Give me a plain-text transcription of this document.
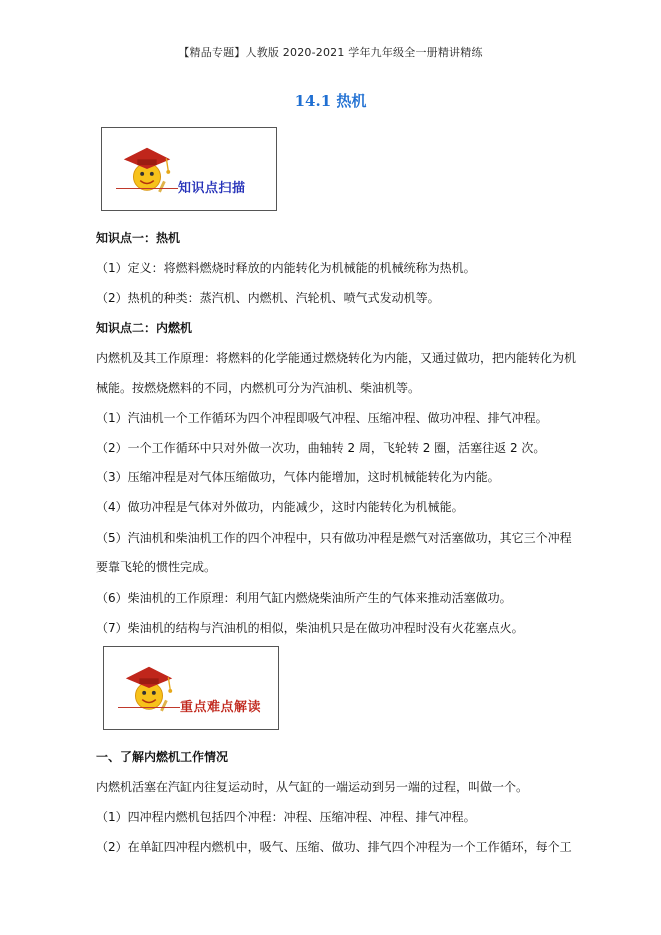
【精品专题】人教版 2020-2021 学年九年级全一册精讲精练
14.1 热机
知识点扫描
知识点一：热机
（1）定义：将燃料燃烧时释放的内能转化为机械能的机械统称为热机。
（2）热机的种类：蒸汽机、内燃机、汽轮机、喷气式发动机等。
知识点二：内燃机
内燃机及其工作原理：将燃料的化学能通过燃烧转化为内能，又通过做功，把内能转化为机
械能。按燃烧燃料的不同，内燃机可分为汽油机、柴油机等。
（1）汽油机一个工作循环为四个冲程即吸气冲程、压缩冲程、做功冲程、排气冲程。
（2）一个工作循环中只对外做一次功，曲轴转 2 周，飞轮转 2 圈，活塞往返 2 次。
（3）压缩冲程是对气体压缩做功，气体内能增加，这时机械能转化为内能。
（4）做功冲程是气体对外做功，内能减少，这时内能转化为机械能。
（5）汽油机和柴油机工作的四个冲程中，只有做功冲程是燃气对活塞做功，其它三个冲程
要靠飞轮的惯性完成。
（6）柴油机的工作原理：利用气缸内燃烧柴油所产生的气体来推动活塞做功。
（7）柴油机的结构与汽油机的相似，柴油机只是在做功冲程时没有火花塞点火。
重点难点解读
一、了解内燃机工作情况
内燃机活塞在汽缸内往复运动时，从气缸的一端运动到另一端的过程，叫做一个。
（1）四冲程内燃机包括四个冲程：冲程、压缩冲程、冲程、排气冲程。
（2）在单缸四冲程内燃机中，吸气、压缩、做功、排气四个冲程为一个工作循环，每个工
